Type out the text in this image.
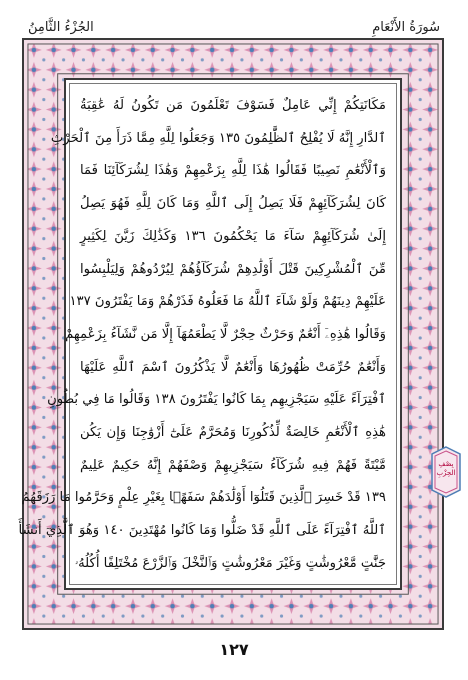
سُورَةُ الأَنْعَامِ
الجُزْءُ الثَّامِنُ
مَكَانَتِكُمْ إِنِّي عَامِلٌ فَسَوْفَ تَعْلَمُونَ مَن تَكُونُ لَهُ عَٰقِبَةُ
ٱلدَّارِ إِنَّهُ لَا يُفْلِحُ ٱلظَّٰلِمُونَ ١٣٥ وَجَعَلُوا لِلَّهِ مِمَّا ذَرَأَ مِنَ ٱلْحَرْثِ
وَٱلْأَنْعَٰمِ نَصِيبًا فَقَالُوا هَٰذَا لِلَّهِ بِزَعْمِهِمْ وَهَٰذَا لِشُرَكَآئِنَا فَمَا
كَانَ لِشُرَكَآئِهِمْ فَلَا يَصِلُ إِلَى ٱللَّهِ وَمَا كَانَ لِلَّهِ فَهُوَ يَصِلُ
إِلَىٰ شُرَكَآئِهِمْ سَآءَ مَا يَحْكُمُونَ ١٣٦ وَكَذَٰلِكَ زَيَّنَ لِكَثِيرٍ
مِّنَ ٱلْمُشْرِكِينَ قَتْلَ أَوْلَٰدِهِمْ شُرَكَآؤُهُمْ لِيُرْدُوهُمْ وَلِيَلْبِسُوا
عَلَيْهِمْ دِينَهُمْ وَلَوْ شَآءَ ٱللَّهُ مَا فَعَلُوهُ فَذَرْهُمْ وَمَا يَفْتَرُونَ ١٣٧
وَقَالُوا هَٰذِهِۦٓ أَنْعَٰمٌ وَحَرْثٌ حِجْرٌ لَّا يَطْعَمُهَآ إِلَّا مَن نَّشَآءُ بِزَعْمِهِمْ
وَأَنْعَٰمٌ حُرِّمَتْ ظُهُورُهَا وَأَنْعَٰمٌ لَّا يَذْكُرُونَ ٱسْمَ ٱللَّهِ عَلَيْهَا
ٱفْتِرَآءً عَلَيْهِ سَيَجْزِيهِم بِمَا كَانُوا يَفْتَرُونَ ١٣٨ وَقَالُوا مَا فِي بُطُونِ
هَٰذِهِ ٱلْأَنْعَٰمِ خَالِصَةٌ لِّذُكُورِنَا وَمُحَرَّمٌ عَلَىٰٓ أَزْوَٰجِنَا وَإِن يَكُن
مَّيْتَةً فَهُمْ فِيهِ شُرَكَآءُ سَيَجْزِيهِمْ وَصْفَهُمْ إِنَّهُ حَكِيمٌ عَلِيمٌ
١٣٩ قَدْ خَسِرَ ٱلَّذِينَ قَتَلُوٓا أَوْلَٰدَهُمْ سَفَهًۢا بِغَيْرِ عِلْمٍ وَحَرَّمُوا مَا رَزَقَهُمُ
ٱللَّهُ ٱفْتِرَآءً عَلَى ٱللَّهِ قَدْ ضَلُّوا وَمَا كَانُوا مُهْتَدِينَ ١٤٠ وَهُوَ ٱلَّذِيٓ أَنشَأَ
جَنَّٰتٍ مَّعْرُوشَٰتٍ وَغَيْرَ مَعْرُوشَٰتٍ وَٱلنَّخْلَ وَٱلزَّرْعَ مُخْتَلِفًا أُكُلُهُۥ
بِصْفِ
الحِزْبِ
١٢٧
